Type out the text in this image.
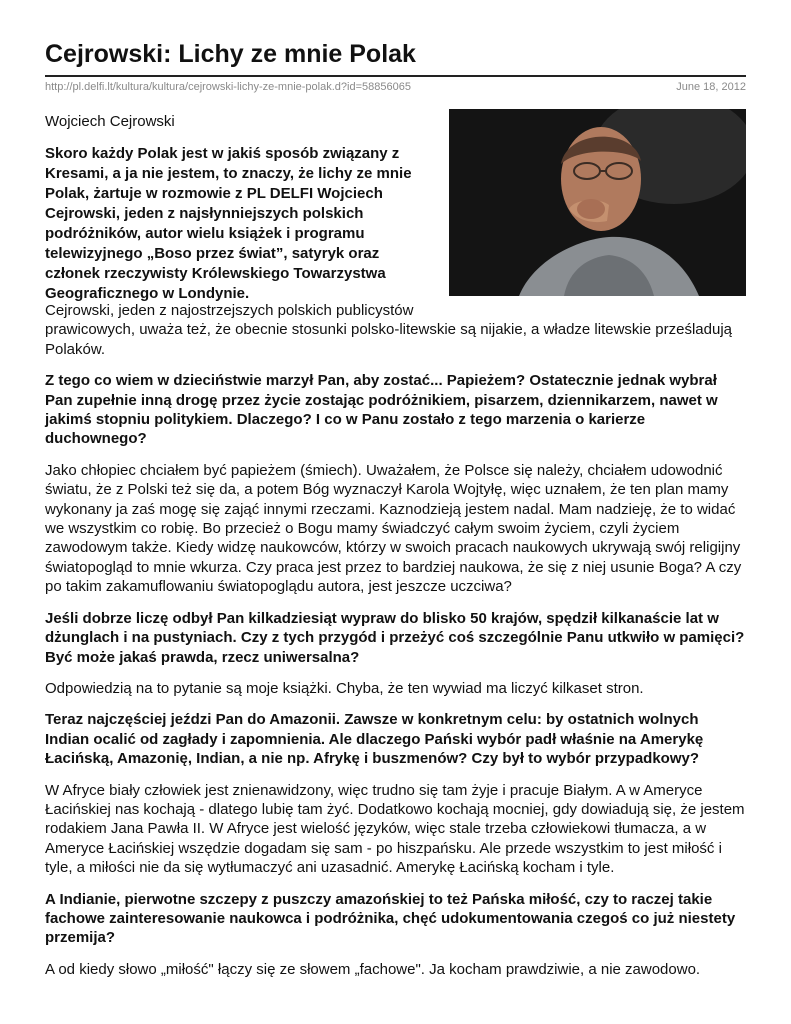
Cejrowski: Lichy ze mnie Polak
http://pl.delfi.lt/kultura/kultura/cejrowski-lichy-ze-mnie-polak.d?id=58856065	June 18, 2012
Wojciech Cejrowski
Skoro każdy Polak jest w jakiś sposób związany z Kresami, a ja nie jestem, to znaczy, że lichy ze mnie Polak, żartuje w rozmowie z PL DELFI Wojciech Cejrowski, jeden z najsłynniejszych polskich podróżników, autor wielu książek i programu telewizyjnego „Boso przez świat”, satyryk oraz członek rzeczywisty Królewskiego Towarzystwa Geograficznego w Londynie.

Cejrowski, jeden z najostrzejszych polskich publicystów
prawicowych, uważa też, że obecnie stosunki polsko-litewskie są nijakie, a władze litewskie prześladują Polaków.

Z tego co wiem w dzieciństwie marzył Pan, aby zostać... Papieżem? Ostatecznie jednak wybrał Pan zupełnie inną drogę przez życie zostając podróżnikiem, pisarzem, dziennikarzem, nawet w jakimś stopniu politykiem. Dlaczego? I co w Panu zostało z tego marzenia o karierze duchownego?

Jako chłopiec chciałem być papieżem (śmiech). Uważałem, że Polsce się należy, chciałem udowodnić światu, że z Polski też się da, a potem Bóg wyznaczył Karola Wojtyłę, więc uznałem, że ten plan mamy wykonany ja zaś mogę się zająć innymi rzeczami. Kaznodzieją jestem nadal. Mam nadzieję, że to widać we wszystkim co robię. Bo przecież o Bogu mamy świadczyć całym swoim życiem, czyli życiem zawodowym także. Kiedy widzę naukowców, którzy w swoich pracach naukowych ukrywają swój religijny światopogląd to mnie wkurza. Czy praca jest przez to bardziej naukowa, że się z niej usunie Boga? A czy po takim zakamuflowaniu światopoglądu autora, jest jeszcze uczciwa?

Jeśli dobrze liczę odbył Pan kilkadziesiąt wypraw do blisko 50 krajów, spędził kilkanaście lat w dżunglach i na pustyniach. Czy z tych przygód i przeżyć coś szczególnie Panu utkwiło w pamięci? Być może jakaś prawda, rzecz uniwersalna?

Odpowiedzią na to pytanie są moje książki. Chyba, że ten wywiad ma liczyć kilkaset stron.

Teraz najczęściej jeździ Pan do Amazonii. Zawsze w konkretnym celu: by ostatnich wolnych Indian ocalić od zagłady i zapomnienia. Ale dlaczego Pański wybór padł właśnie na Amerykę Łacińską, Amazonię, Indian, a nie np. Afrykę i buszmenów? Czy był to wybór przypadkowy?

W Afryce biały człowiek jest znienawidzony, więc trudno się tam żyje i pracuje Białym. A w Ameryce Łacińskiej nas kochają - dlatego lubię tam żyć. Dodatkowo kochają mocniej, gdy dowiadują się, że jestem rodakiem Jana Pawła II. W Afryce jest wielość języków, więc stale trzeba człowiekowi tłumacza, a w Ameryce Łacińskiej wszędzie dogadam się sam - po hiszpańsku. Ale przede wszystkim to jest miłość i tyle, a miłości nie da się wytłumaczyć ani uzasadnić. Amerykę Łacińską kocham i tyle.

A Indianie, pierwotne szczepy z puszczy amazońskiej to też Pańska miłość, czy to raczej takie fachowe zainteresowanie naukowca i podróżnika, chęć udokumentowania czegoś co już niestety przemija?

A od kiedy słowo „miłość" łączy się ze słowem „fachowe". Ja kocham prawdziwie, a nie zawodowo.
